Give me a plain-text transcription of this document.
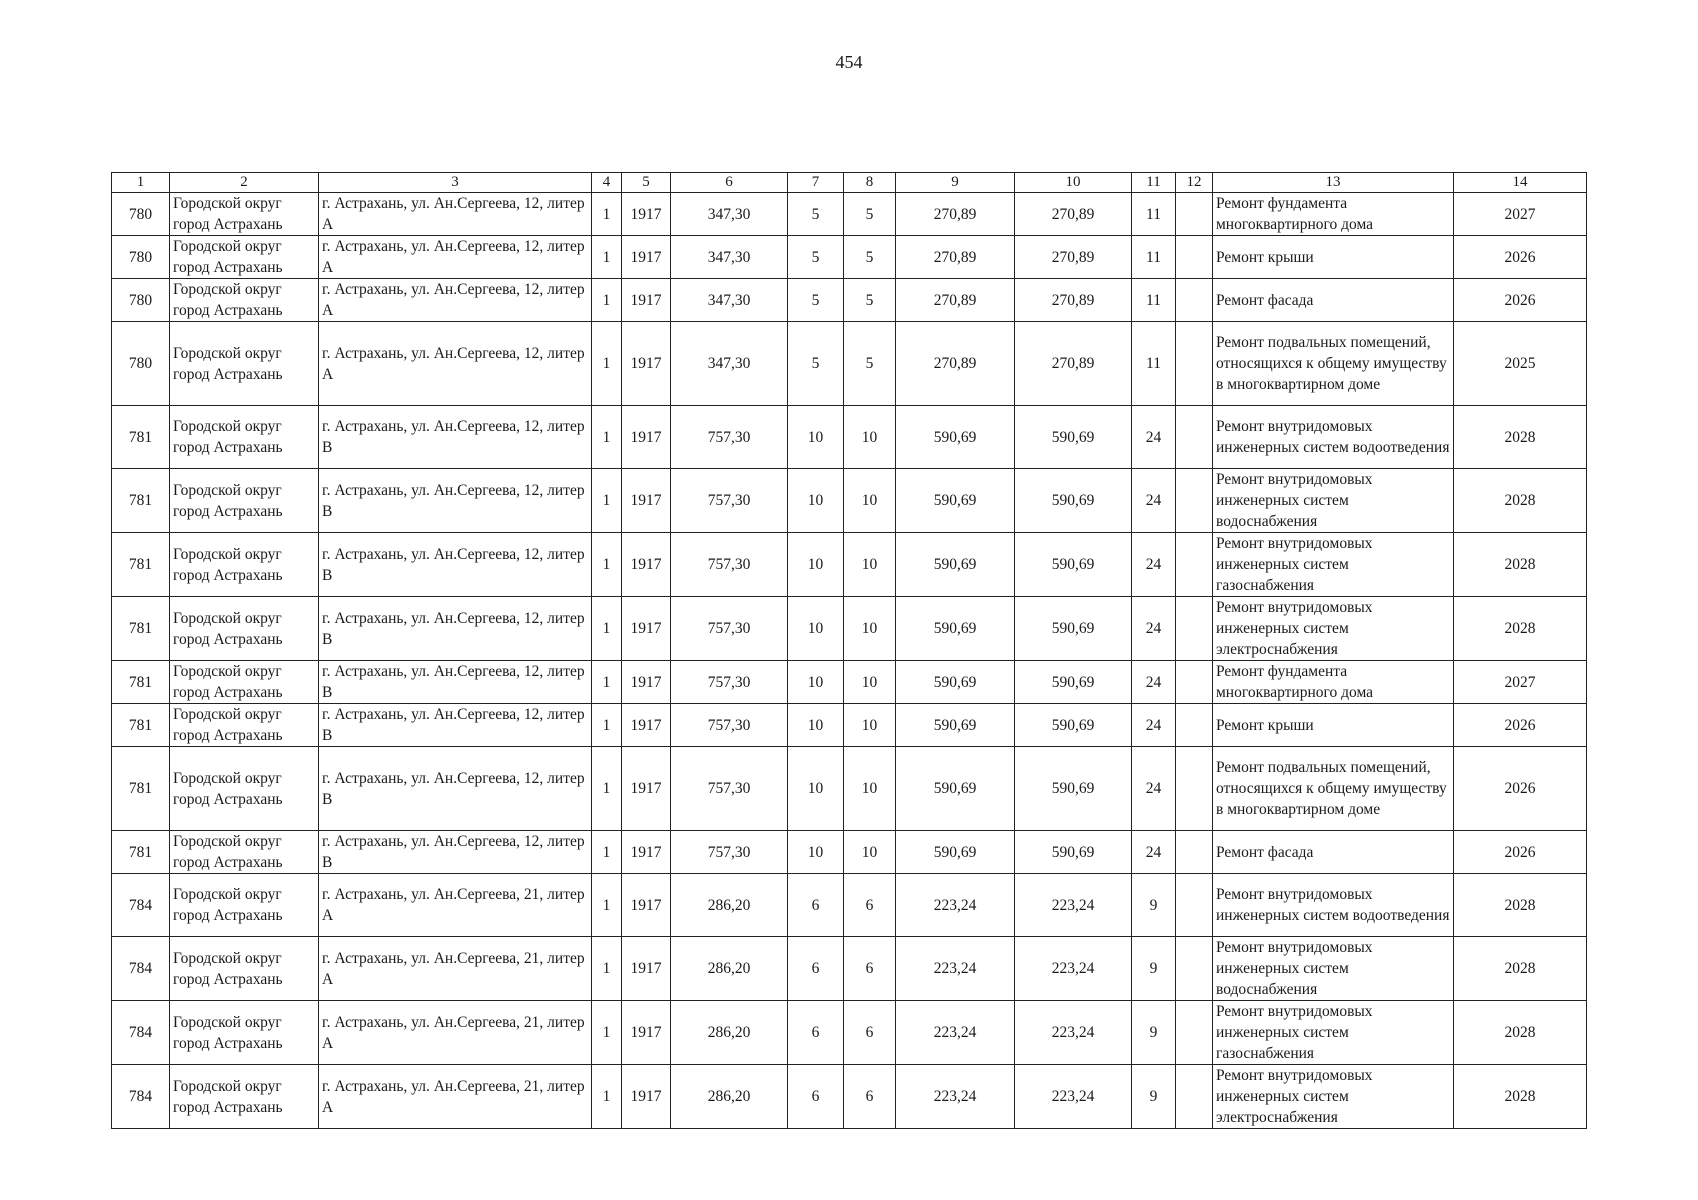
454
1	2	3	4	5	6	7	8	9	10	11	12	13	14
780	Городской округ город Астрахань	г. Астрахань, ул. Ан.Сергеева, 12, литер А	1	1917	347,30	5	5	270,89	270,89	11		Ремонт фундамента многоквартирного дома	2027
780	Городской округ город Астрахань	г. Астрахань, ул. Ан.Сергеева, 12, литер А	1	1917	347,30	5	5	270,89	270,89	11		Ремонт крыши	2026
780	Городской округ город Астрахань	г. Астрахань, ул. Ан.Сергеева, 12, литер А	1	1917	347,30	5	5	270,89	270,89	11		Ремонт фасада	2026
780	Городской округ город Астрахань	г. Астрахань, ул. Ан.Сергеева, 12, литер А	1	1917	347,30	5	5	270,89	270,89	11		Ремонт подвальных помещений, относящихся к общему имуществу в многоквартирном доме	2025
781	Городской округ город Астрахань	г. Астрахань, ул. Ан.Сергеева, 12, литер В	1	1917	757,30	10	10	590,69	590,69	24		Ремонт внутридомовых инженерных систем водоотведения	2028
781	Городской округ город Астрахань	г. Астрахань, ул. Ан.Сергеева, 12, литер В	1	1917	757,30	10	10	590,69	590,69	24		Ремонт внутридомовых инженерных систем водоснабжения	2028
781	Городской округ город Астрахань	г. Астрахань, ул. Ан.Сергеева, 12, литер В	1	1917	757,30	10	10	590,69	590,69	24		Ремонт внутридомовых инженерных систем газоснабжения	2028
781	Городской округ город Астрахань	г. Астрахань, ул. Ан.Сергеева, 12, литер В	1	1917	757,30	10	10	590,69	590,69	24		Ремонт внутридомовых инженерных систем электроснабжения	2028
781	Городской округ город Астрахань	г. Астрахань, ул. Ан.Сергеева, 12, литер В	1	1917	757,30	10	10	590,69	590,69	24		Ремонт фундамента многоквартирного дома	2027
781	Городской округ город Астрахань	г. Астрахань, ул. Ан.Сергеева, 12, литер В	1	1917	757,30	10	10	590,69	590,69	24		Ремонт крыши	2026
781	Городской округ город Астрахань	г. Астрахань, ул. Ан.Сергеева, 12, литер В	1	1917	757,30	10	10	590,69	590,69	24		Ремонт подвальных помещений, относящихся к общему имуществу в многоквартирном доме	2026
781	Городской округ город Астрахань	г. Астрахань, ул. Ан.Сергеева, 12, литер В	1	1917	757,30	10	10	590,69	590,69	24		Ремонт фасада	2026
784	Городской округ город Астрахань	г. Астрахань, ул. Ан.Сергеева, 21, литер А	1	1917	286,20	6	6	223,24	223,24	9		Ремонт внутридомовых инженерных систем водоотведения	2028
784	Городской округ город Астрахань	г. Астрахань, ул. Ан.Сергеева, 21, литер А	1	1917	286,20	6	6	223,24	223,24	9		Ремонт внутридомовых инженерных систем водоснабжения	2028
784	Городской округ город Астрахань	г. Астрахань, ул. Ан.Сергеева, 21, литер А	1	1917	286,20	6	6	223,24	223,24	9		Ремонт внутридомовых инженерных систем газоснабжения	2028
784	Городской округ город Астрахань	г. Астрахань, ул. Ан.Сергеева, 21, литер А	1	1917	286,20	6	6	223,24	223,24	9		Ремонт внутридомовых инженерных систем электроснабжения	2028
